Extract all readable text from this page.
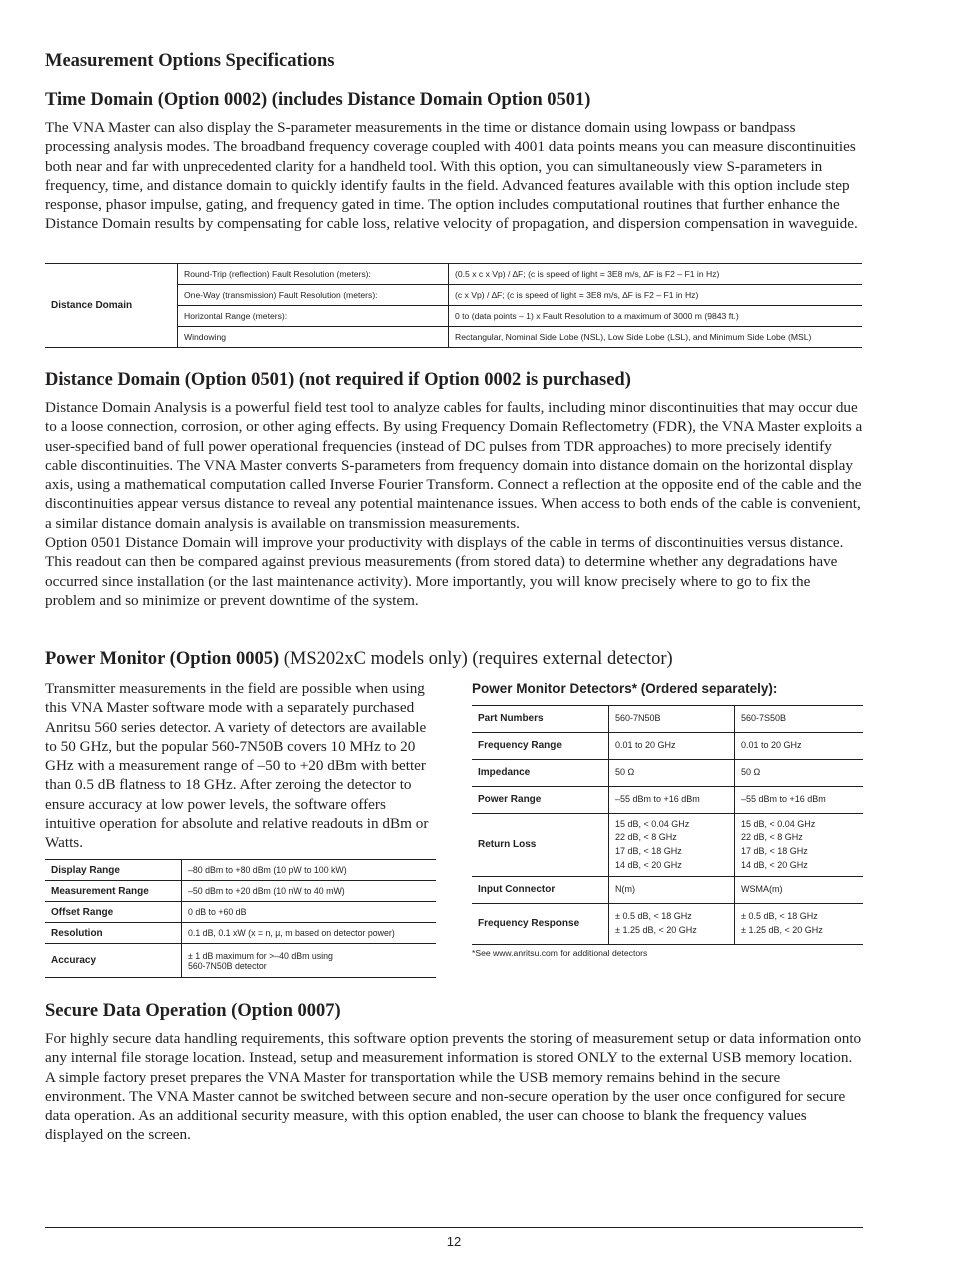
Measurement Options Specifications
Time Domain (Option 0002) (includes Distance Domain Option 0501)

The VNA Master can also display the S-parameter measurements in the time or distance domain using lowpass or bandpass processing analysis modes. The broadband frequency coverage coupled with 4001 data points means you can measure discontinuities both near and far with unprecedented clarity for a handheld tool. With this option, you can simultaneously view S-parameters in frequency, time, and distance domain to quickly identify faults in the field. Advanced features available with this option include step response, phasor impulse, gating, and frequency gated in time. The option includes computational routines that further enhance the Distance Domain results by compensating for cable loss, relative velocity of propagation, and dispersion compensation in waveguide.

Distance Domain	Round-Trip (reflection) Fault Resolution (meters):	(0.5 x c x Vp) / ∆F; (c is speed of light = 3E8 m/s, ∆F is F2 – F1 in Hz)
	One-Way (transmission) Fault Resolution (meters):	(c x Vp) / ∆F; (c is speed of light = 3E8 m/s, ∆F is F2 – F1 in Hz)
	Horizontal Range (meters):	0 to (data points – 1) x Fault Resolution to a maximum of 3000 m (9843 ft.)
	Windowing	Rectangular, Nominal Side Lobe (NSL), Low Side Lobe (LSL), and Minimum Side Lobe (MSL)
Distance Domain (Option 0501) (not required if Option 0002 is purchased)

Distance Domain Analysis is a powerful field test tool to analyze cables for faults, including minor discontinuities that may occur due to a loose connection, corrosion, or other aging effects. By using Frequency Domain Reflectometry (FDR), the VNA Master exploits a user-specified band of full power operational frequencies (instead of DC pulses from TDR approaches) to more precisely identify cable discontinuities. The VNA Master converts S-parameters from frequency domain into distance domain on the horizontal display axis, using a mathematical computation called Inverse Fourier Transform. Connect a reflection at the opposite end of the cable and the discontinuities appear versus distance to reveal any potential maintenance issues. When access to both ends of the cable is convenient, a similar distance domain analysis is available on transmission measurements.

Option 0501 Distance Domain will improve your productivity with displays of the cable in terms of discontinuities versus distance. This readout can then be compared against previous measurements (from stored data) to determine whether any degradations have occurred since installation (or the last maintenance activity). More importantly, you will know precisely where to go to fix the problem and so minimize or prevent downtime of the system.

Power Monitor (Option 0005) (MS202xC models only) (requires external detector)

Transmitter measurements in the field are possible when using this VNA Master software mode with a separately purchased Anritsu 560 series detector. A variety of detectors are available to 50 GHz, but the popular 560-7N50B covers 10 MHz to 20 GHz with a measurement range of –50 to +20 dBm with better than 0.5 dB flatness to 18 GHz. After zeroing the detector to ensure accuracy at low power levels, the software offers intuitive operation for absolute and relative readouts in dBm or Watts.

Display Range	–80 dBm to +80 dBm (10 pW to 100 kW)
Measurement Range	–50 dBm to +20 dBm (10 nW to 40 mW)
Offset Range	0 dB to +60 dB
Resolution	0.1 dB, 0.1 xW (x = n, µ, m based on detector power)
Accuracy	± 1 dB maximum for >–40 dBm using
560-7N50B detector
Power Monitor Detectors* (Ordered separately):
Part Numbers	560-7N50B	560-7S50B
Frequency Range	0.01 to 20 GHz	0.01 to 20 GHz
Impedance	50 Ω	50 Ω
Power Range	–55 dBm to +16 dBm	–55 dBm to +16 dBm
Return Loss	15 dB, < 0.04 GHz
22 dB, < 8 GHz
17 dB, < 18 GHz
14 dB, < 20 GHz	15 dB, < 0.04 GHz
22 dB, < 8 GHz
17 dB, < 18 GHz
14 dB, < 20 GHz
Input Connector	N(m)	WSMA(m)
Frequency Response	± 0.5 dB, < 18 GHz
± 1.25 dB, < 20 GHz	± 0.5 dB, < 18 GHz
± 1.25 dB, < 20 GHz
*See www.anritsu.com for additional detectors
Secure Data Operation (Option 0007)

For highly secure data handling requirements, this software option prevents the storing of measurement setup or data information onto any internal file storage location. Instead, setup and measurement information is stored ONLY to the external USB memory location. A simple factory preset prepares the VNA Master for transportation while the USB memory remains behind in the secure environment. The VNA Master cannot be switched between secure and non-secure operation by the user once configured for secure data operation. As an additional security measure, with this option enabled, the user can choose to blank the frequency values displayed on the screen.

12
